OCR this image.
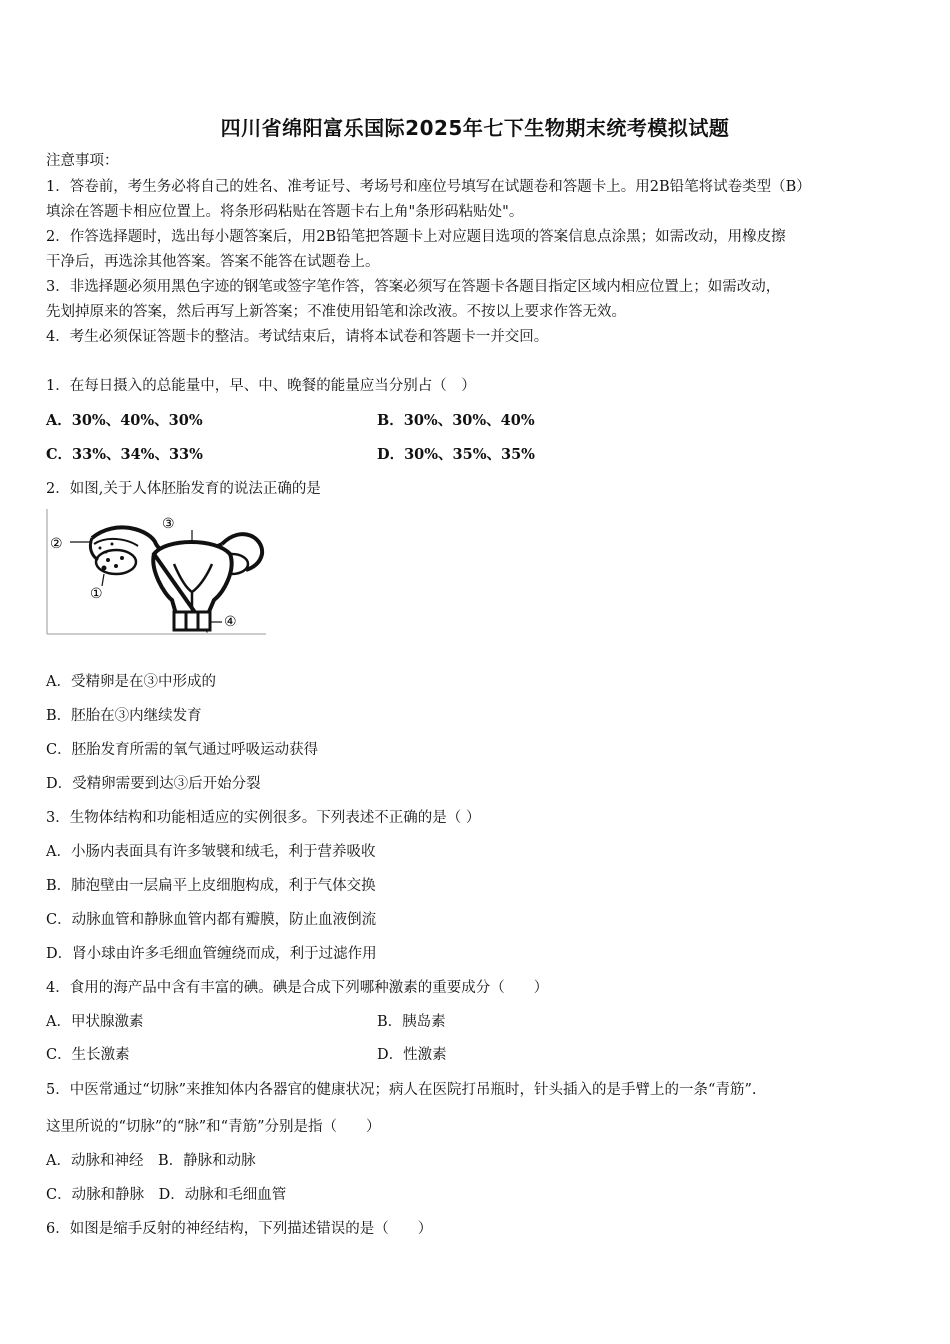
四川省绵阳富乐国际2025年七下生物期末统考模拟试题
注意事项：
1．答卷前，考生务必将自己的姓名、准考证号、考场号和座位号填写在试题卷和答题卡上。用2B铅笔将试卷类型（B）
填涂在答题卡相应位置上。将条形码粘贴在答题卡右上角"条形码粘贴处"。
2．作答选择题时，选出每小题答案后，用2B铅笔把答题卡上对应题目选项的答案信息点涂黑；如需改动，用橡皮擦
干净后，再选涂其他答案。答案不能答在试题卷上。
3．非选择题必须用黑色字迹的钢笔或签字笔作答，答案必须写在答题卡各题目指定区域内相应位置上；如需改动，
先划掉原来的答案，然后再写上新答案；不准使用铅笔和涂改液。不按以上要求作答无效。
4．考生必须保证答题卡的整洁。考试结束后，请将本试卷和答题卡一并交回。
1．在每日摄入的总能量中，早、中、晚餐的能量应当分别占（　）
A．30%、40%、30%	B．30%、30%、40%
C．33%、34%、33%	D．30%、35%、35%
2．如图,关于人体胚胎发育的说法正确的是
①
②
③
④
A．受精卵是在③中形成的
B．胚胎在③内继续发育
C．胚胎发育所需的氧气通过呼吸运动获得
D．受精卵需要到达③后开始分裂
3．生物体结构和功能相适应的实例很多。下列表述不正确的是（ ）
A．小肠内表面具有许多皱襞和绒毛，利于营养吸收
B．肺泡壁由一层扁平上皮细胞构成，利于气体交换
C．动脉血管和静脉血管内都有瓣膜，防止血液倒流
D．肾小球由许多毛细血管缠绕而成，利于过滤作用
4．食用的海产品中含有丰富的碘。碘是合成下列哪种激素的重要成分（　　）
A．甲状腺激素	B．胰岛素
C．生长激素	D．性激素
5．中医常通过“切脉”来推知体内各器官的健康状况；病人在医院打吊瓶时，针头插入的是手臂上的一条“青筋”.
这里所说的“切脉”的“脉”和“青筋”分别是指（　　）
A．动脉和神经　B．静脉和动脉
C．动脉和静脉　D．动脉和毛细血管
6．如图是缩手反射的神经结构，下列描述错误的是（　　）
